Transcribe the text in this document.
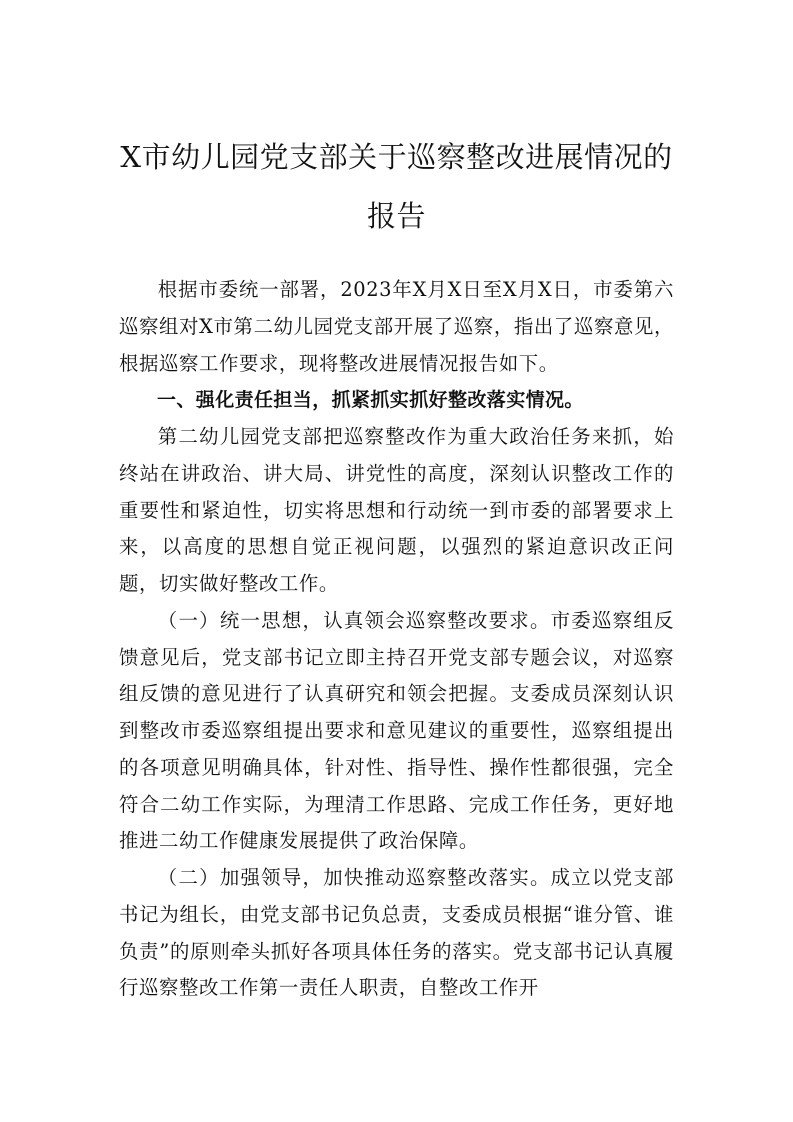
X市幼儿园党支部关于巡察整改进展情况的
报告

根据市委统一部署，2023年X月X日至X月X日，市委第六巡察组对X市第二幼儿园党支部开展了巡察，指出了巡察意见，根据巡察工作要求，现将整改进展情况报告如下。

一、强化责任担当，抓紧抓实抓好整改落实情况。

第二幼儿园党支部把巡察整改作为重大政治任务来抓，始终站在讲政治、讲大局、讲党性的高度，深刻认识整改工作的重要性和紧迫性，切实将思想和行动统一到市委的部署要求上来，以高度的思想自觉正视问题，以强烈的紧迫意识改正问题，切实做好整改工作。

（一）统一思想，认真领会巡察整改要求。市委巡察组反馈意见后，党支部书记立即主持召开党支部专题会议，对巡察组反馈的意见进行了认真研究和领会把握。支委成员深刻认识到整改市委巡察组提出要求和意见建议的重要性，巡察组提出的各项意见明确具体，针对性、指导性、操作性都很强，完全符合二幼工作实际，为理清工作思路、完成工作任务，更好地推进二幼工作健康发展提供了政治保障。

（二）加强领导，加快推动巡察整改落实。成立以党支部书记为组长，由党支部书记负总责，支委成员根据“谁分管、谁负责”的原则牵头抓好各项具体任务的落实。党支部书记认真履行巡察整改工作第一责任人职责，自整改工作开
